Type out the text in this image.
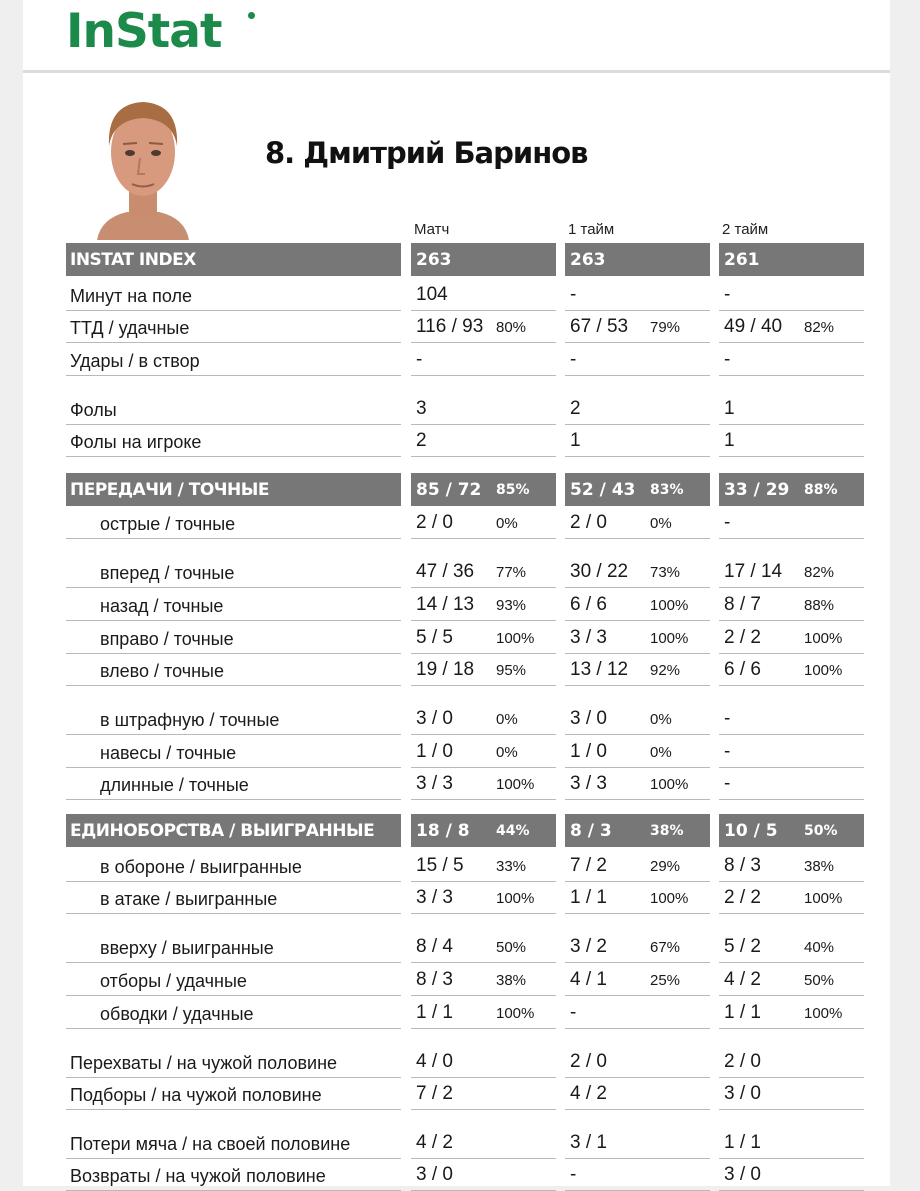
InStat
8. Дмитрий Баринов
Матч	1 тайм	2 тайм
INSTAT INDEX	263	263	261
Минут на поле	104	-	-
ТТД / удачные	116 / 93 80% 67 / 53 79% 49 / 40 82%
Удары / в створ	-	-	-
Фолы	3	2	1
Фолы на игроке	2	1	1
ПЕРЕДАЧИ / ТОЧНЫЕ	85 / 72 85% 52 / 43 83% 33 / 29 88%
острые / точные	2 / 0	0%	2 / 0	0%	-
вперед / точные	47 / 36 77% 30 / 22 73% 17 / 14 82%
назад / точные	14 / 13 93% 6 / 6	100% 8 / 7	88%
вправо / точные	5 / 5	100% 3 / 3	100% 2 / 2	100%
влево / точные	19 / 18 95% 13 / 12 92% 6 / 6	100%
в штрафную / точные	3 / 0	0%	3 / 0	0%	-
навесы / точные	1 / 0	0%	1 / 0	0%	-
длинные / точные	3 / 3	100% 3 / 3	100% -
ЕДИНОБОРСТВА / ВЫИГРАННЫЕ 18 / 8 44% 8 / 3	38% 10 / 5 50%
в обороне / выигранные	15 / 5 33% 7 / 2	29% 8 / 3	38%
в атаке / выигранные	3 / 3	100% 1 / 1	100% 2 / 2	100%
вверху / выигранные	8 / 4	50% 3 / 2	67% 5 / 2	40%
отборы / удачные	8 / 3	38% 4 / 1	25% 4 / 2	50%
обводки / удачные	1 / 1	100% -	1 / 1	100%
Перехваты / на чужой половине	4 / 0	2 / 0	2 / 0
Подборы / на чужой половине	7 / 2	4 / 2	3 / 0
Потери мяча / на своей половине	4 / 2	3 / 1	1 / 1
Возвраты / на чужой половине	3 / 0	-	3 / 0
